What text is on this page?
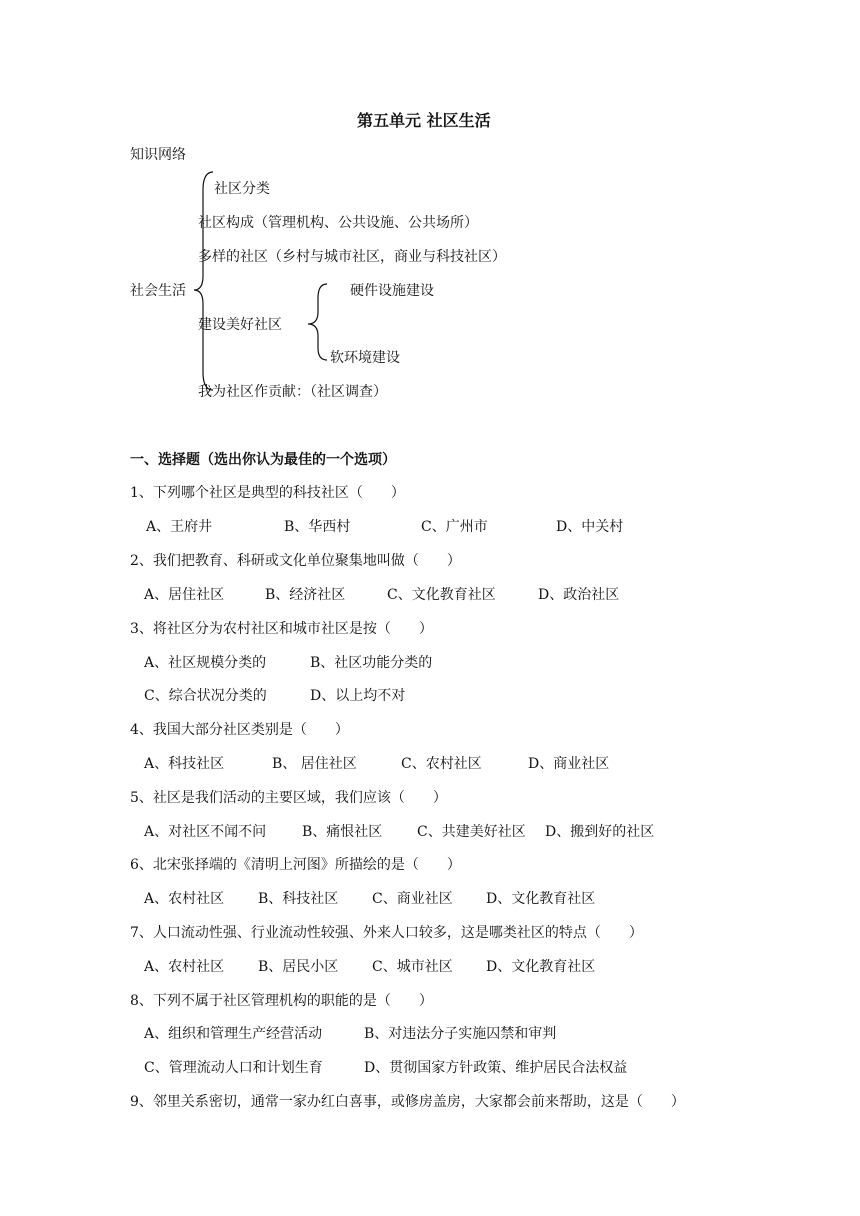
第五单元 社区生活
知识网络
社会生活
社区分类
社区构成（管理机构、公共设施、公共场所）
多样的社区（乡村与城市社区，商业与科技社区）
建设美好社区
我为社区作贡献：（社区调查）
硬件设施建设
软环境建设
一、选择题（选出你认为最佳的一个选项）
1、下列哪个社区是典型的科技社区（　　）
A、王府井	B、华西村	C、广州市	D、中关村
2、我们把教育、科研或文化单位聚集地叫做（　　）
A、居住社区	B、经济社区	C、文化教育社区	D、政治社区
3、将社区分为农村社区和城市社区是按（　　）
A、社区规模分类的	B、社区功能分类的
C、综合状况分类的	D、以上均不对
4、我国大部分社区类别是（　　）
A、科技社区	B、 居住社区	C、农村社区	D、商业社区
5、社区是我们活动的主要区域，我们应该（　　）
A、对社区不闻不问	B、痛恨社区 C、共建美好社区 D、搬到好的社区
6、北宋张择端的《清明上河图》所描绘的是（　　）
A、农村社区 B、科技社区 C、商业社区 D、文化教育社区
7、人口流动性强、行业流动性较强、外来人口较多，这是哪类社区的特点（　　）
A、农村社区 B、居民小区 C、城市社区 D、文化教育社区
8、下列不属于社区管理机构的职能的是（　　）
A、组织和管理生产经营活动	B、对违法分子实施囚禁和审判
C、管理流动人口和计划生育	D、贯彻国家方针政策、维护居民合法权益
9、邻里关系密切，通常一家办红白喜事，或修房盖房，大家都会前来帮助，这是（　　）
